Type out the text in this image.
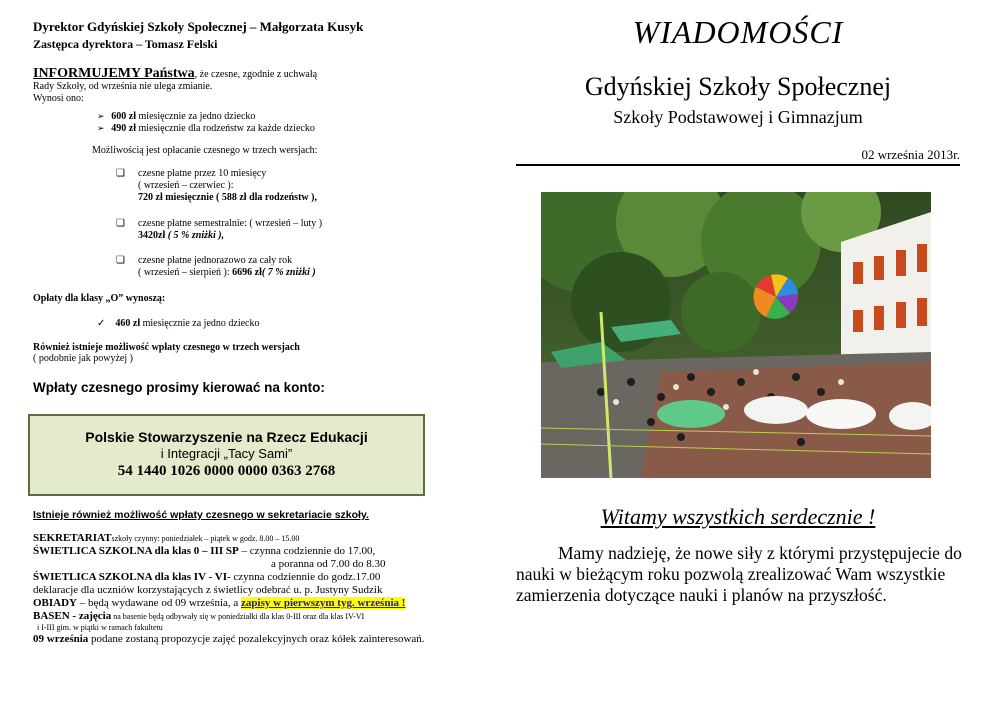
Dyrektor Gdyńskiej Szkoły Społecznej – Małgorzata Kusyk
Zastępca dyrektora – Tomasz Felski
INFORMUJEMY Państwa, że czesne, zgodnie z uchwałą
Rady Szkoły, od września nie ulega zmianie.
Wynosi ono:
➢   600 zł miesięcznie za jedno dziecko
➢   490 zł miesięcznie dla rodzeństw za każde dziecko
Możliwością jest opłacanie czesnego w trzech wersjach:
❑	czesne płatne przez 10 miesięcy
( wrzesień – czerwiec ):
720 zł miesięcznie ( 588 zł dla rodzeństw ),
❑	czesne płatne semestralnie: ( wrzesień – luty )
3420zł ( 5 % zniżki ),
❑	czesne płatne jednorazowo za cały rok
( wrzesień – sierpień ): 6696 zł( 7 % zniżki )
Opłaty dla klasy „O” wynoszą:
✓    460 zł miesięcznie za jedno dziecko
Również istnieje możliwość wpłaty czesnego w trzech wersjach
( podobnie jak powyżej )
Wpłaty czesnego prosimy kierować na konto:
Polskie Stowarzyszenie na Rzecz Edukacji
i Integracji „Tacy Sami”
54 1440 1026 0000 0000 0363 2768
Istnieje również możliwość wpłaty czesnego w sekretariacie szkoły.
SEKRETARIATszkoły czynny: poniedziałek – piątek w godz. 8.00 – 15.00
ŚWIETLICA SZKOLNA dla klas 0 – III SP – czynna codziennie do 17.00,
a poranna od 7.00 do 8.30
ŚWIETLICA SZKOLNA dla klas IV - VI- czynna codziennie do godz.17.00
deklaracje dla uczniów korzystających z świetlicy odebrać u. p. Justyny Sudzik
OBIADY – będą wydawane od 09 września, a zapisy w pierwszym tyg. września !
BASEN - zajęcia na basenie będą odbywały się w poniedziałki dla klas 0-III oraz dla klas IV-VI
i I-III gim. w piątki w ramach fakultetu
09 września podane zostaną propozycje zajęć pozalekcyjnych oraz kółek zainteresowań.
WIADOMOŚCI
Gdyńskiej Szkoły Społecznej
Szkoły Podstawowej i Gimnazjum
02 września 2013r.
Witamy wszystkich serdecznie !
Mamy nadzieję, że nowe siły z którymi przystępujecie do nauki w bieżącym roku pozwolą zrealizować Wam wszystkie zamierzenia dotyczące nauki i planów na przyszłość.
